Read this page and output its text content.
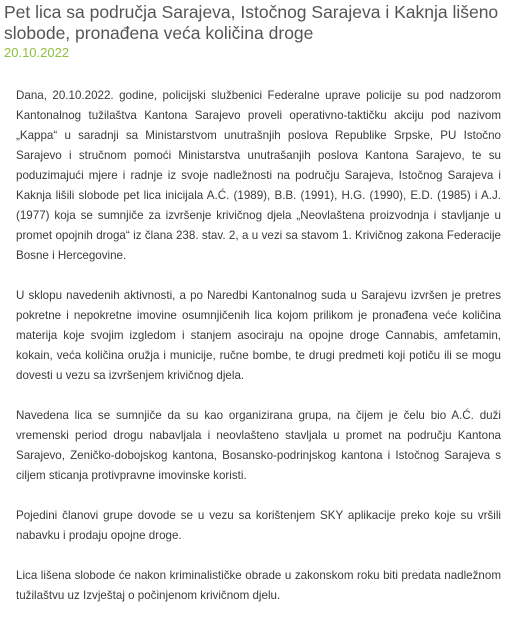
Pet lica sa područja Sarajeva, Istočnog Sarajeva i Kaknja lišeno slobode, pronađena veća količina droge
20.10.2022

Dana, 20.10.2022. godine, policijski službenici Federalne uprave policije su pod nadzorom Kantonalnog tužilaštva Kantona Sarajevo proveli operativno-taktičku akciju pod nazivom „Kappa“ u saradnji sa Ministarstvom unutrašnjih poslova Republike Srpske, PU Istočno Sarajevo i stručnom pomoći Ministarstva unutrašanjih poslova Kantona Sarajevo, te su poduzimajući mjere i radnje iz svoje nadležnosti na području Sarajeva, Istočnog Sarajeva i Kaknja lišili slobode pet lica inicijala A.Ć. (1989), B.B. (1991), H.G. (1990), E.D. (1985) i A.J. (1977) koja se sumnjiče za izvršenje krivičnog djela „Neovlaštena proizvodnja i stavljanje u promet opojnih droga“ iz člana 238. stav. 2, a u vezi sa stavom 1. Krivičnog zakona Federacije Bosne i Hercegovine.

U sklopu navedenih aktivnosti, a po Naredbi Kantonalnog suda u Sarajevu izvršen je pretres pokretne i nepokretne imovine osumnjičenih lica kojom prilikom je pronađena veće količina materija koje svojim izgledom i stanjem asociraju na opojne droge Cannabis, amfetamin, kokain, veća količina oružja i municije, ručne bombe, te drugi predmeti koji potiču ili se mogu dovesti u vezu sa izvršenjem krivičnog djela.

Navedena lica se sumnjiče da su kao organizirana grupa, na čijem je čelu bio A.Ć. duži vremenski period drogu nabavljala i neovlašteno stavljala u promet na području Kantona Sarajevo, Zeničko-dobojskog kantona, Bosansko-podrinjskog kantona i Istočnog Sarajeva s ciljem sticanja protivpravne imovinske koristi.

Pojedini članovi grupe dovode se u vezu sa korištenjem SKY aplikacije preko koje su vršili nabavku i prodaju opojne droge.

Lica lišena slobode će nakon kriminalističke obrade u zakonskom roku biti predata nadležnom tužilaštvu uz Izvještaj o počinjenom krivičnom djelu.
